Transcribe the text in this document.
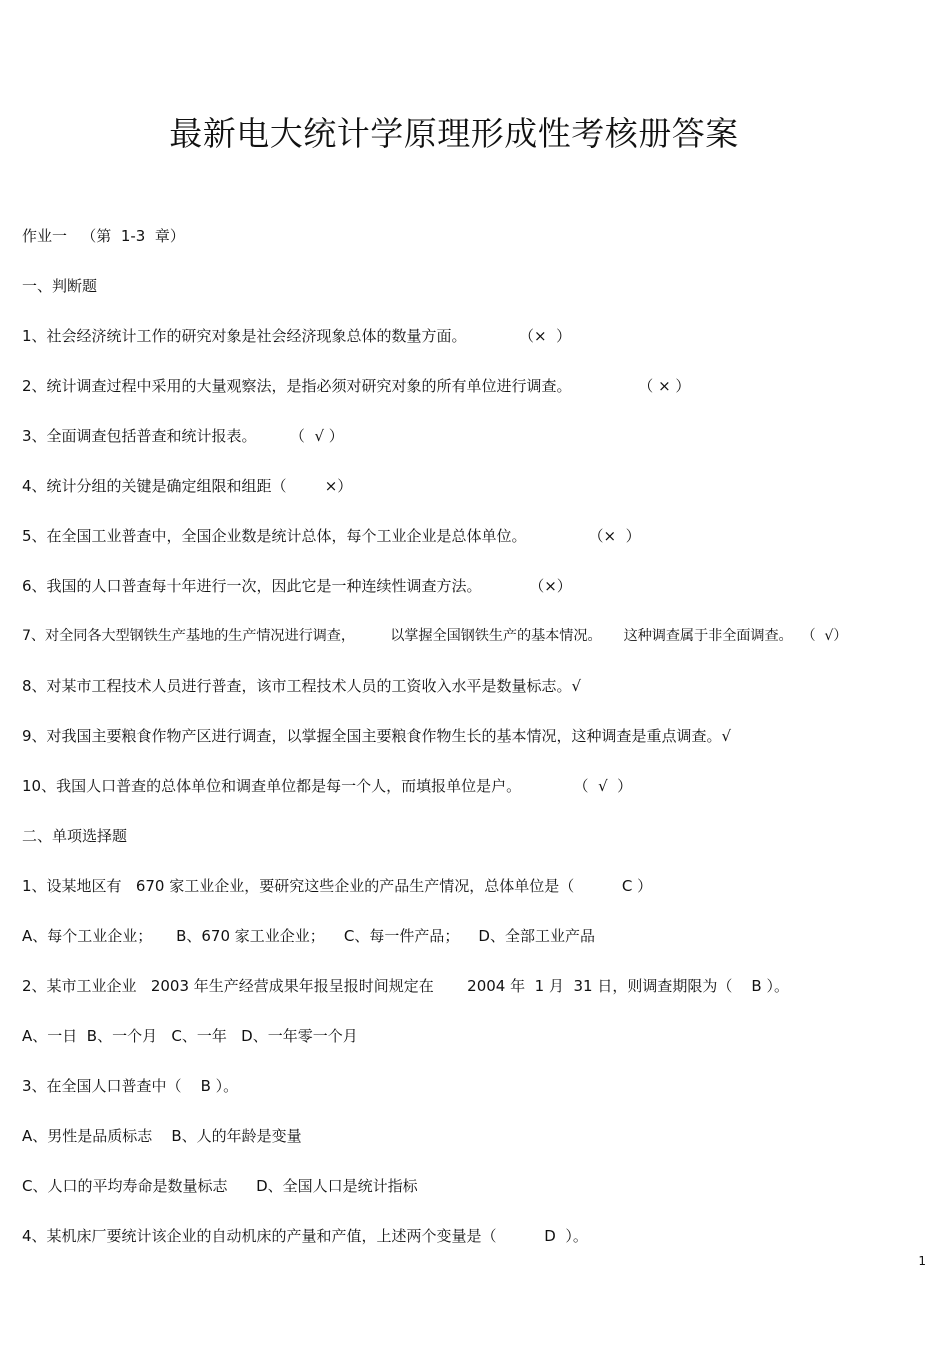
最新电大统计学原理形成性考核册答案
作业一   （第  1-3  章）
一、判断题
1、社会经济统计工作的研究对象是社会经济现象总体的数量方面。           （×  ）
2、统计调查过程中采用的大量观察法，是指必须对研究对象的所有单位进行调查。              （ × ）
3、全面调查包括普查和统计报表。       （  √ ）
4、统计分组的关键是确定组限和组距（        ×）
5、在全国工业普查中，全国企业数是统计总体，每个工业企业是总体单位。             （×  ）
6、我国的人口普查每十年进行一次，因此它是一种连续性调查方法。          （×）
7、对全同各大型钢铁生产基地的生产情况进行调查，        以掌握全国钢铁生产的基本情况。     这种调查属于非全面调查。  （  √）
8、对某市工程技术人员进行普查，该市工程技术人员的工资收入水平是数量标志。√
9、对我国主要粮食作物产区进行调查，以掌握全国主要粮食作物生长的基本情况，这种调查是重点调查。√
10、我国人口普查的总体单位和调查单位都是每一个人，而填报单位是户。           （  √  ）
二、单项选择题
1、设某地区有   670 家工业企业，要研究这些企业的产品生产情况，总体单位是（          C ）
A、每个工业企业；     B、670 家工业企业；    C、每一件产品；    D、全部工业产品
2、某市工业企业   2003 年生产经营成果年报呈报时间规定在       2004 年  1 月  31 日，则调查期限为（    B ）。
A、一日  B、一个月   C、一年   D、一年零一个月
3、在全国人口普查中（    B ）。
A、男性是品质标志    B、人的年龄是变量
C、人口的平均寿命是数量标志      D、全国人口是统计指标
4、某机床厂要统计该企业的自动机床的产量和产值，上述两个变量是（          D  ）。
1
